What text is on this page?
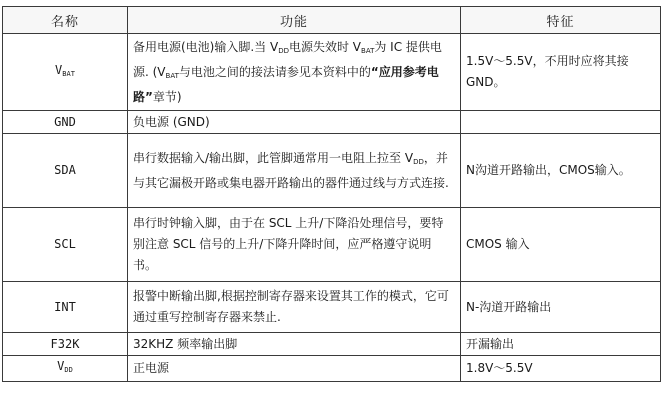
名称	功能	特征
$V_{BAT}$	备用电源(电池)输入脚.当 $V_{DD}$电源失效时 $V_{BAT}$为 IC 提供电源. ($V_{BAT}$与电池之间的接法请参见本资料中的“应用参考电路”章节)	1.5V～5.5V，不用时应将其接 GND。
GND	负电源 (GND)	
SDA	串行数据输入/输出脚，此管脚通常用一电阻上拉至 $V_{DD}$，并与其它漏极开路或集电器开路输出的器件通过线与方式连接.	N沟道开路输出，CMOS输入。
SCL	串行时钟输入脚，由于在 SCL 上升/下降沿处理信号，要特别注意 SCL 信号的上升/下降升降时间，应严格遵守说明书。	CMOS 输入
INT	报警中断输出脚,根据控制寄存器来设置其工作的模式，它可通过重写控制寄存器来禁止.	N-沟道开路输出
F32K	32KHZ 频率输出脚	开漏输出
$V_{DD}$	正电源	1.8V～5.5V
